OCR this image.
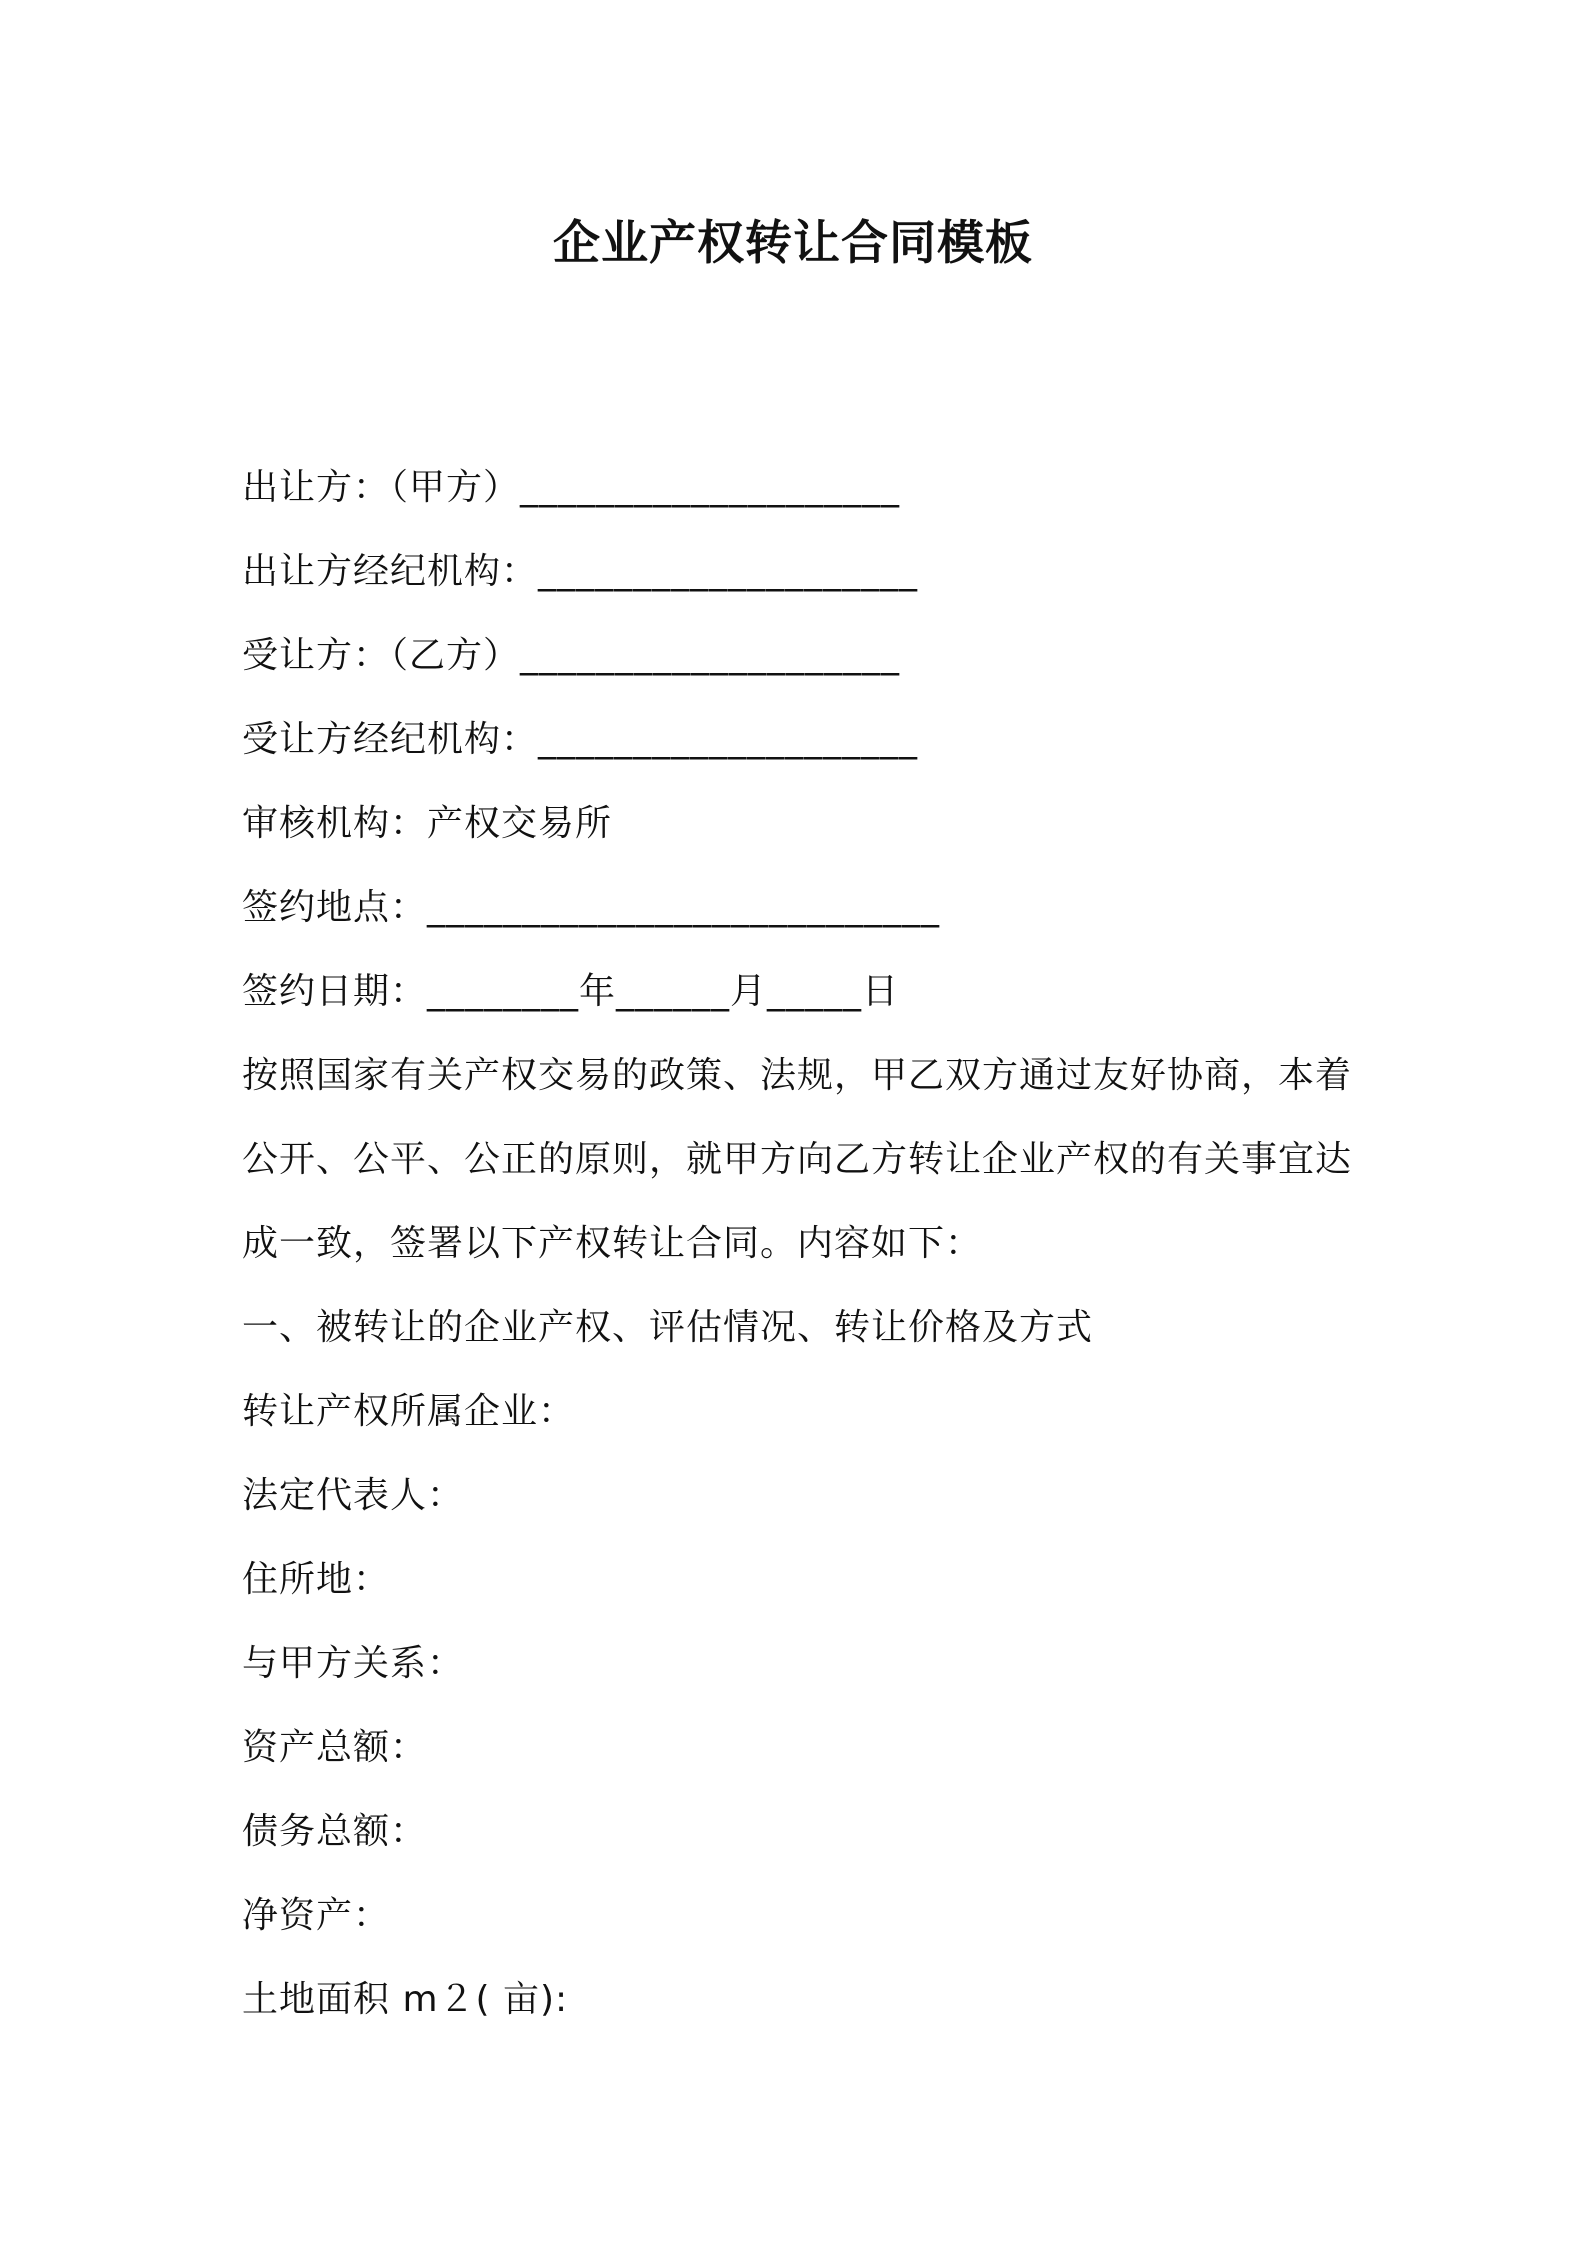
企业产权转让合同模板
出让方：（甲方）____________________
出让方经纪机构：____________________
受让方：（乙方）____________________
受让方经纪机构：____________________
审核机构：产权交易所
签约地点：___________________________
签约日期：________年______月_____日
按照国家有关产权交易的政策、法规，甲乙双方通过友好协商，本着
公开、公平、公正的原则，就甲方向乙方转让企业产权的有关事宜达
成一致，签署以下产权转让合同。内容如下：
一、被转让的企业产权、评估情况、转让价格及方式
转让产权所属企业：
法定代表人：
住所地：
与甲方关系：
资产总额：
债务总额：
净资产：
土地面积 m２( 亩):
